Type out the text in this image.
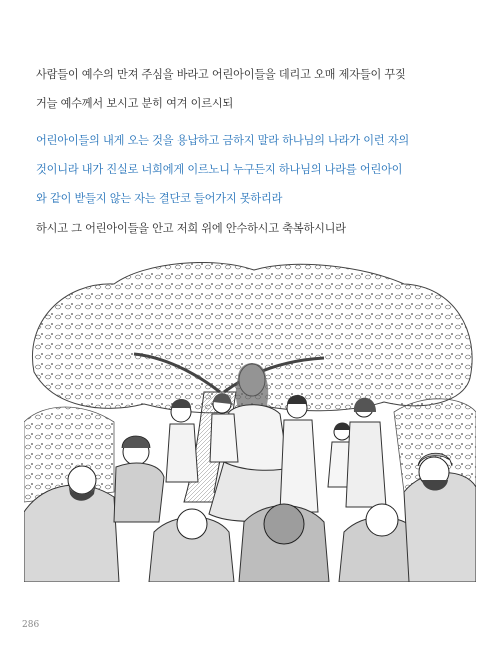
사람들이 예수의 만져 주심을 바라고 어린아이들을 데리고 오매 제자들이 꾸짖
거늘 예수께서 보시고 분히 여겨 이르시되

어린아이들의 내게 오는 것을 용납하고 금하지 말라 하나님의 나라가 이런 자의
것이니라 내가 진실로 너희에게 이르노니 누구든지 하나님의 나라를 어린아이
와 같이 받들지 않는 자는 결단코 들어가지 못하리라

하시고 그 어린아이들을 안고 저희 위에 안수하시고 축복하시니라

286
